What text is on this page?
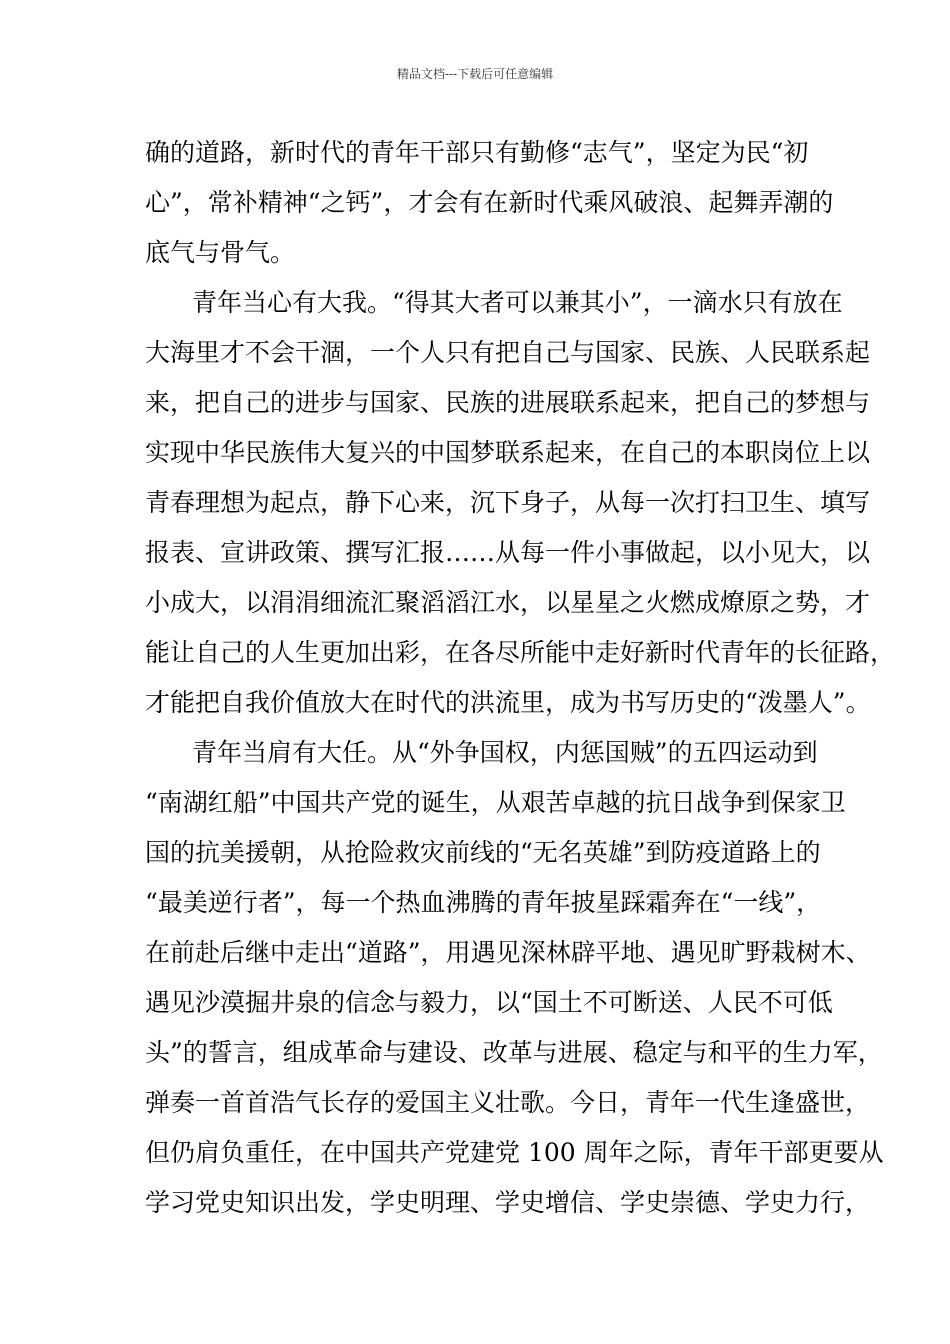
精品文档---下载后可任意编辑
确的道路，新时代的青年干部只有勤修“志气”，坚定为民“初
心”，常补精神“之钙”，才会有在新时代乘风破浪、起舞弄潮的
底气与骨气。
青年当心有大我。“得其大者可以兼其小”，一滴水只有放在
大海里才不会干涸，一个人只有把自己与国家、民族、人民联系起
来，把自己的进步与国家、民族的进展联系起来，把自己的梦想与
实现中华民族伟大复兴的中国梦联系起来，在自己的本职岗位上以
青春理想为起点，静下心来，沉下身子，从每一次打扫卫生、填写
报表、宣讲政策、撰写汇报……从每一件小事做起，以小见大，以
小成大，以涓涓细流汇聚滔滔江水，以星星之火燃成燎原之势，才
能让自己的人生更加出彩，在各尽所能中走好新时代青年的长征路，
才能把自我价值放大在时代的洪流里，成为书写历史的“泼墨人”。
青年当肩有大任。从“外争国权，内惩国贼”的五四运动到
“南湖红船”中国共产党的诞生，从艰苦卓越的抗日战争到保家卫
国的抗美援朝，从抢险救灾前线的“无名英雄”到防疫道路上的
“最美逆行者”，每一个热血沸腾的青年披星踩霜奔在“一线”，
在前赴后继中走出“道路”，用遇见深林辟平地、遇见旷野栽树木、
遇见沙漠掘井泉的信念与毅力，以“国土不可断送、人民不可低
头”的誓言，组成革命与建设、改革与进展、稳定与和平的生力军，
弹奏一首首浩气长存的爱国主义壮歌。今日，青年一代生逢盛世，
但仍肩负重任，在中国共产党建党 100 周年之际，青年干部更要从
学习党史知识出发，学史明理、学史增信、学史崇德、学史力行，
